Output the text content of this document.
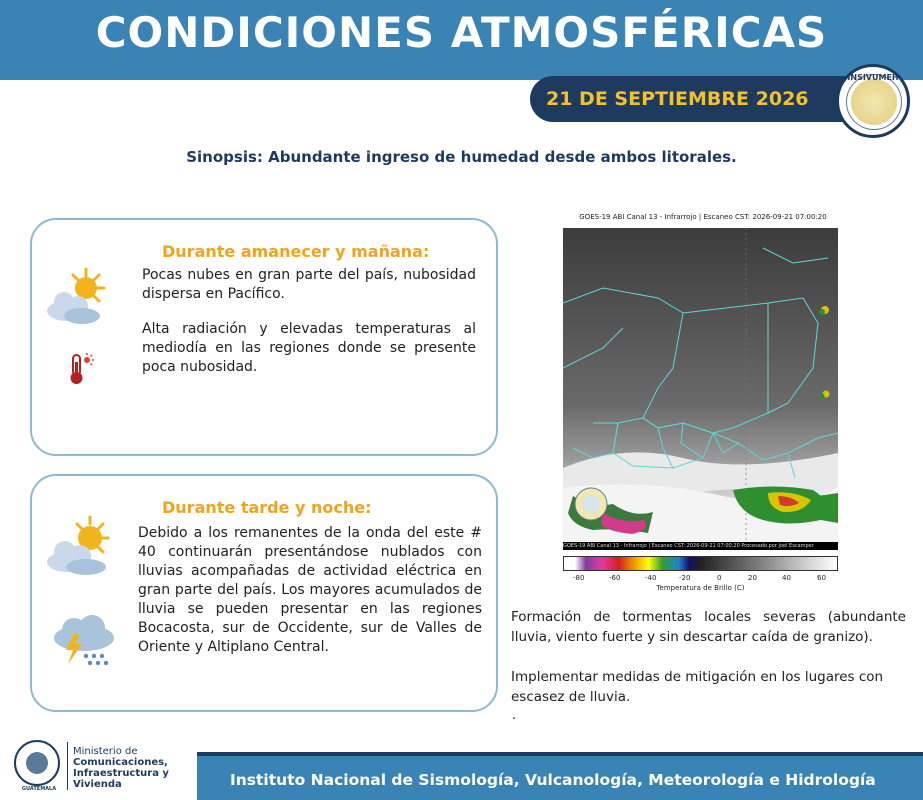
CONDICIONES ATMOSFÉRICAS
21 DE SEPTIEMBRE 2026
INSIVUMEH
Sinopsis: Abundante ingreso de humedad desde ambos litorales.
Durante amanecer y mañana:
Pocas nubes en gran parte del país, nubosidad dispersa en Pacífico.
Alta radiación y elevadas temperaturas al mediodía en las regiones donde se presente poca nubosidad.
Durante tarde y noche:
Debido a los remanentes de la onda del este # 40 continuarán presentándose nublados con lluvias acompañadas de actividad eléctrica en gran parte del país. Los mayores acumulados de lluvia se pueden presentar en las regiones Bocacosta, sur de Occidente, sur de Valles de Oriente y Altiplano Central.
GOES-19 ABI Canal 13 - Infrarrojo | Escaneo CST: 2026-09-21 07:00:20
GOES-19 ABI Canal 13 - Infrarrojo | Escaneo CST: 2026-09-21 07:00:20 Procesado por Joel Escamper
-80	-60	-40	-20	0	20	40	60
Temperatura de Brillo (C)
Formación de tormentas locales severas (abundante lluvia, viento fuerte y sin descartar caída de granizo).
Implementar medidas de mitigación en los lugares con escasez de lluvia.
.
GUATEMALA
Ministerio de
Comunicaciones,
Infraestructura y
Vivienda	Instituto Nacional de Sismología, Vulcanología, Meteorología e Hidrología
